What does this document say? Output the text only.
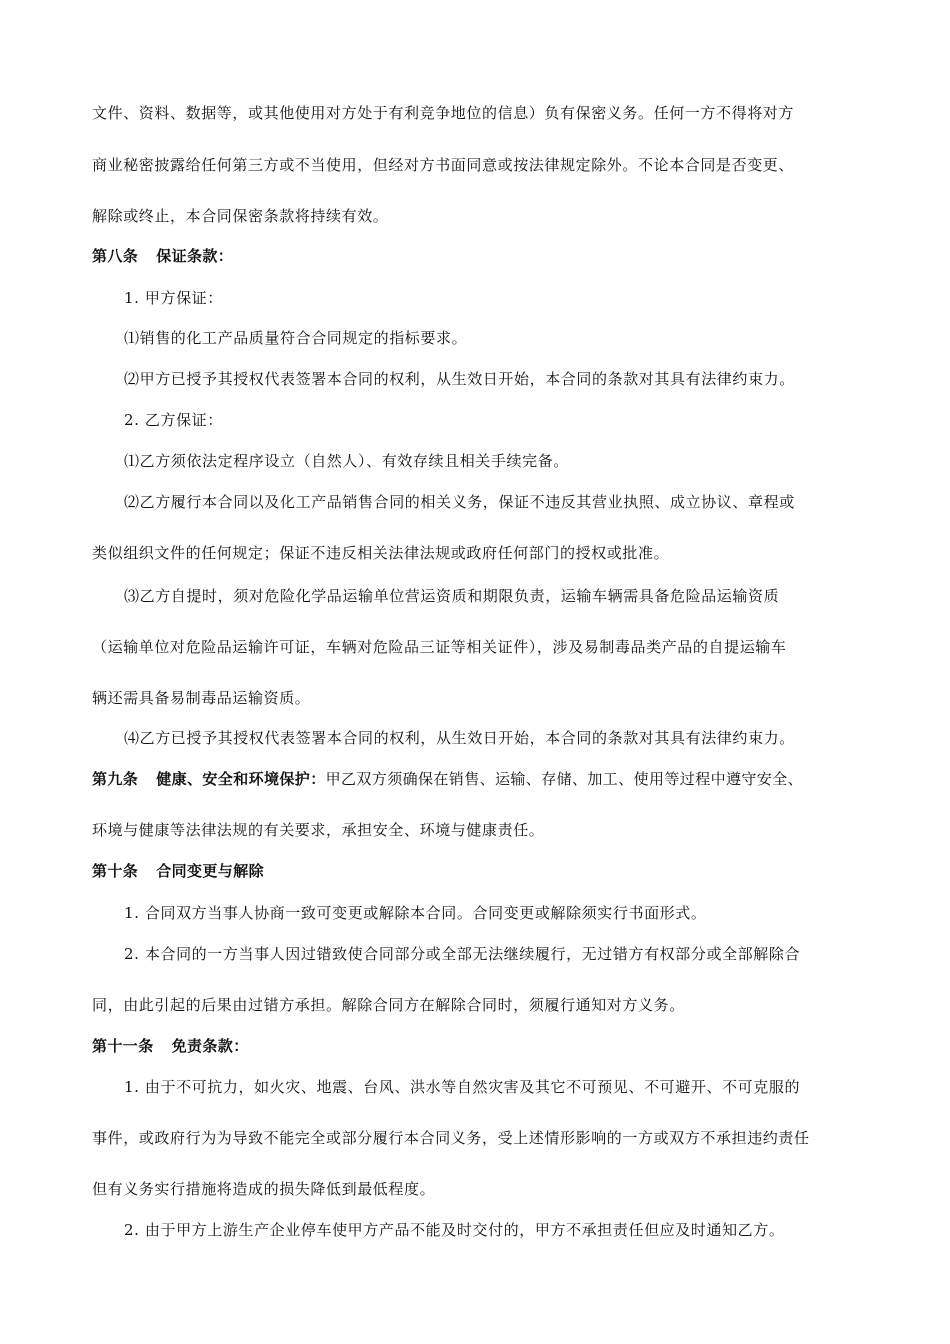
文件、资料、数据等，或其他使用对方处于有利竞争地位的信息）负有保密义务。任何一方不得将对方
商业秘密披露给任何第三方或不当使用，但经对方书面同意或按法律规定除外。不论本合同是否变更、
解除或终止，本合同保密条款将持续有效。
第八条 保证条款：
1. 甲方保证：
⑴销售的化工产品质量符合合同规定的指标要求。
⑵甲方已授予其授权代表签署本合同的权利，从生效日开始，本合同的条款对其具有法律约束力。
2. 乙方保证：
⑴乙方须依法定程序设立（自然人）、有效存续且相关手续完备。
⑵乙方履行本合同以及化工产品销售合同的相关义务，保证不违反其营业执照、成立协议、章程或
类似组织文件的任何规定；保证不违反相关法律法规或政府任何部门的授权或批准。
⑶乙方自提时，须对危险化学品运输单位营运资质和期限负责，运输车辆需具备危险品运输资质
（运输单位对危险品运输许可证，车辆对危险品三证等相关证件），涉及易制毒品类产品的自提运输车
辆还需具备易制毒品运输资质。
⑷乙方已授予其授权代表签署本合同的权利，从生效日开始，本合同的条款对其具有法律约束力。
第九条 健康、安全和环境保护：甲乙双方须确保在销售、运输、存储、加工、使用等过程中遵守安全、
环境与健康等法律法规的有关要求，承担安全、环境与健康责任。
第十条 合同变更与解除
1. 合同双方当事人协商一致可变更或解除本合同。合同变更或解除须实行书面形式。
2. 本合同的一方当事人因过错致使合同部分或全部无法继续履行，无过错方有权部分或全部解除合
同，由此引起的后果由过错方承担。解除合同方在解除合同时，须履行通知对方义务。
第十一条 免责条款：
1. 由于不可抗力，如火灾、地震、台风、洪水等自然灾害及其它不可预见、不可避开、不可克服的
事件，或政府行为为导致不能完全或部分履行本合同义务，受上述情形影响的一方或双方不承担违约责任
但有义务实行措施将造成的损失降低到最低程度。
2. 由于甲方上游生产企业停车使甲方产品不能及时交付的，甲方不承担责任但应及时通知乙方。
